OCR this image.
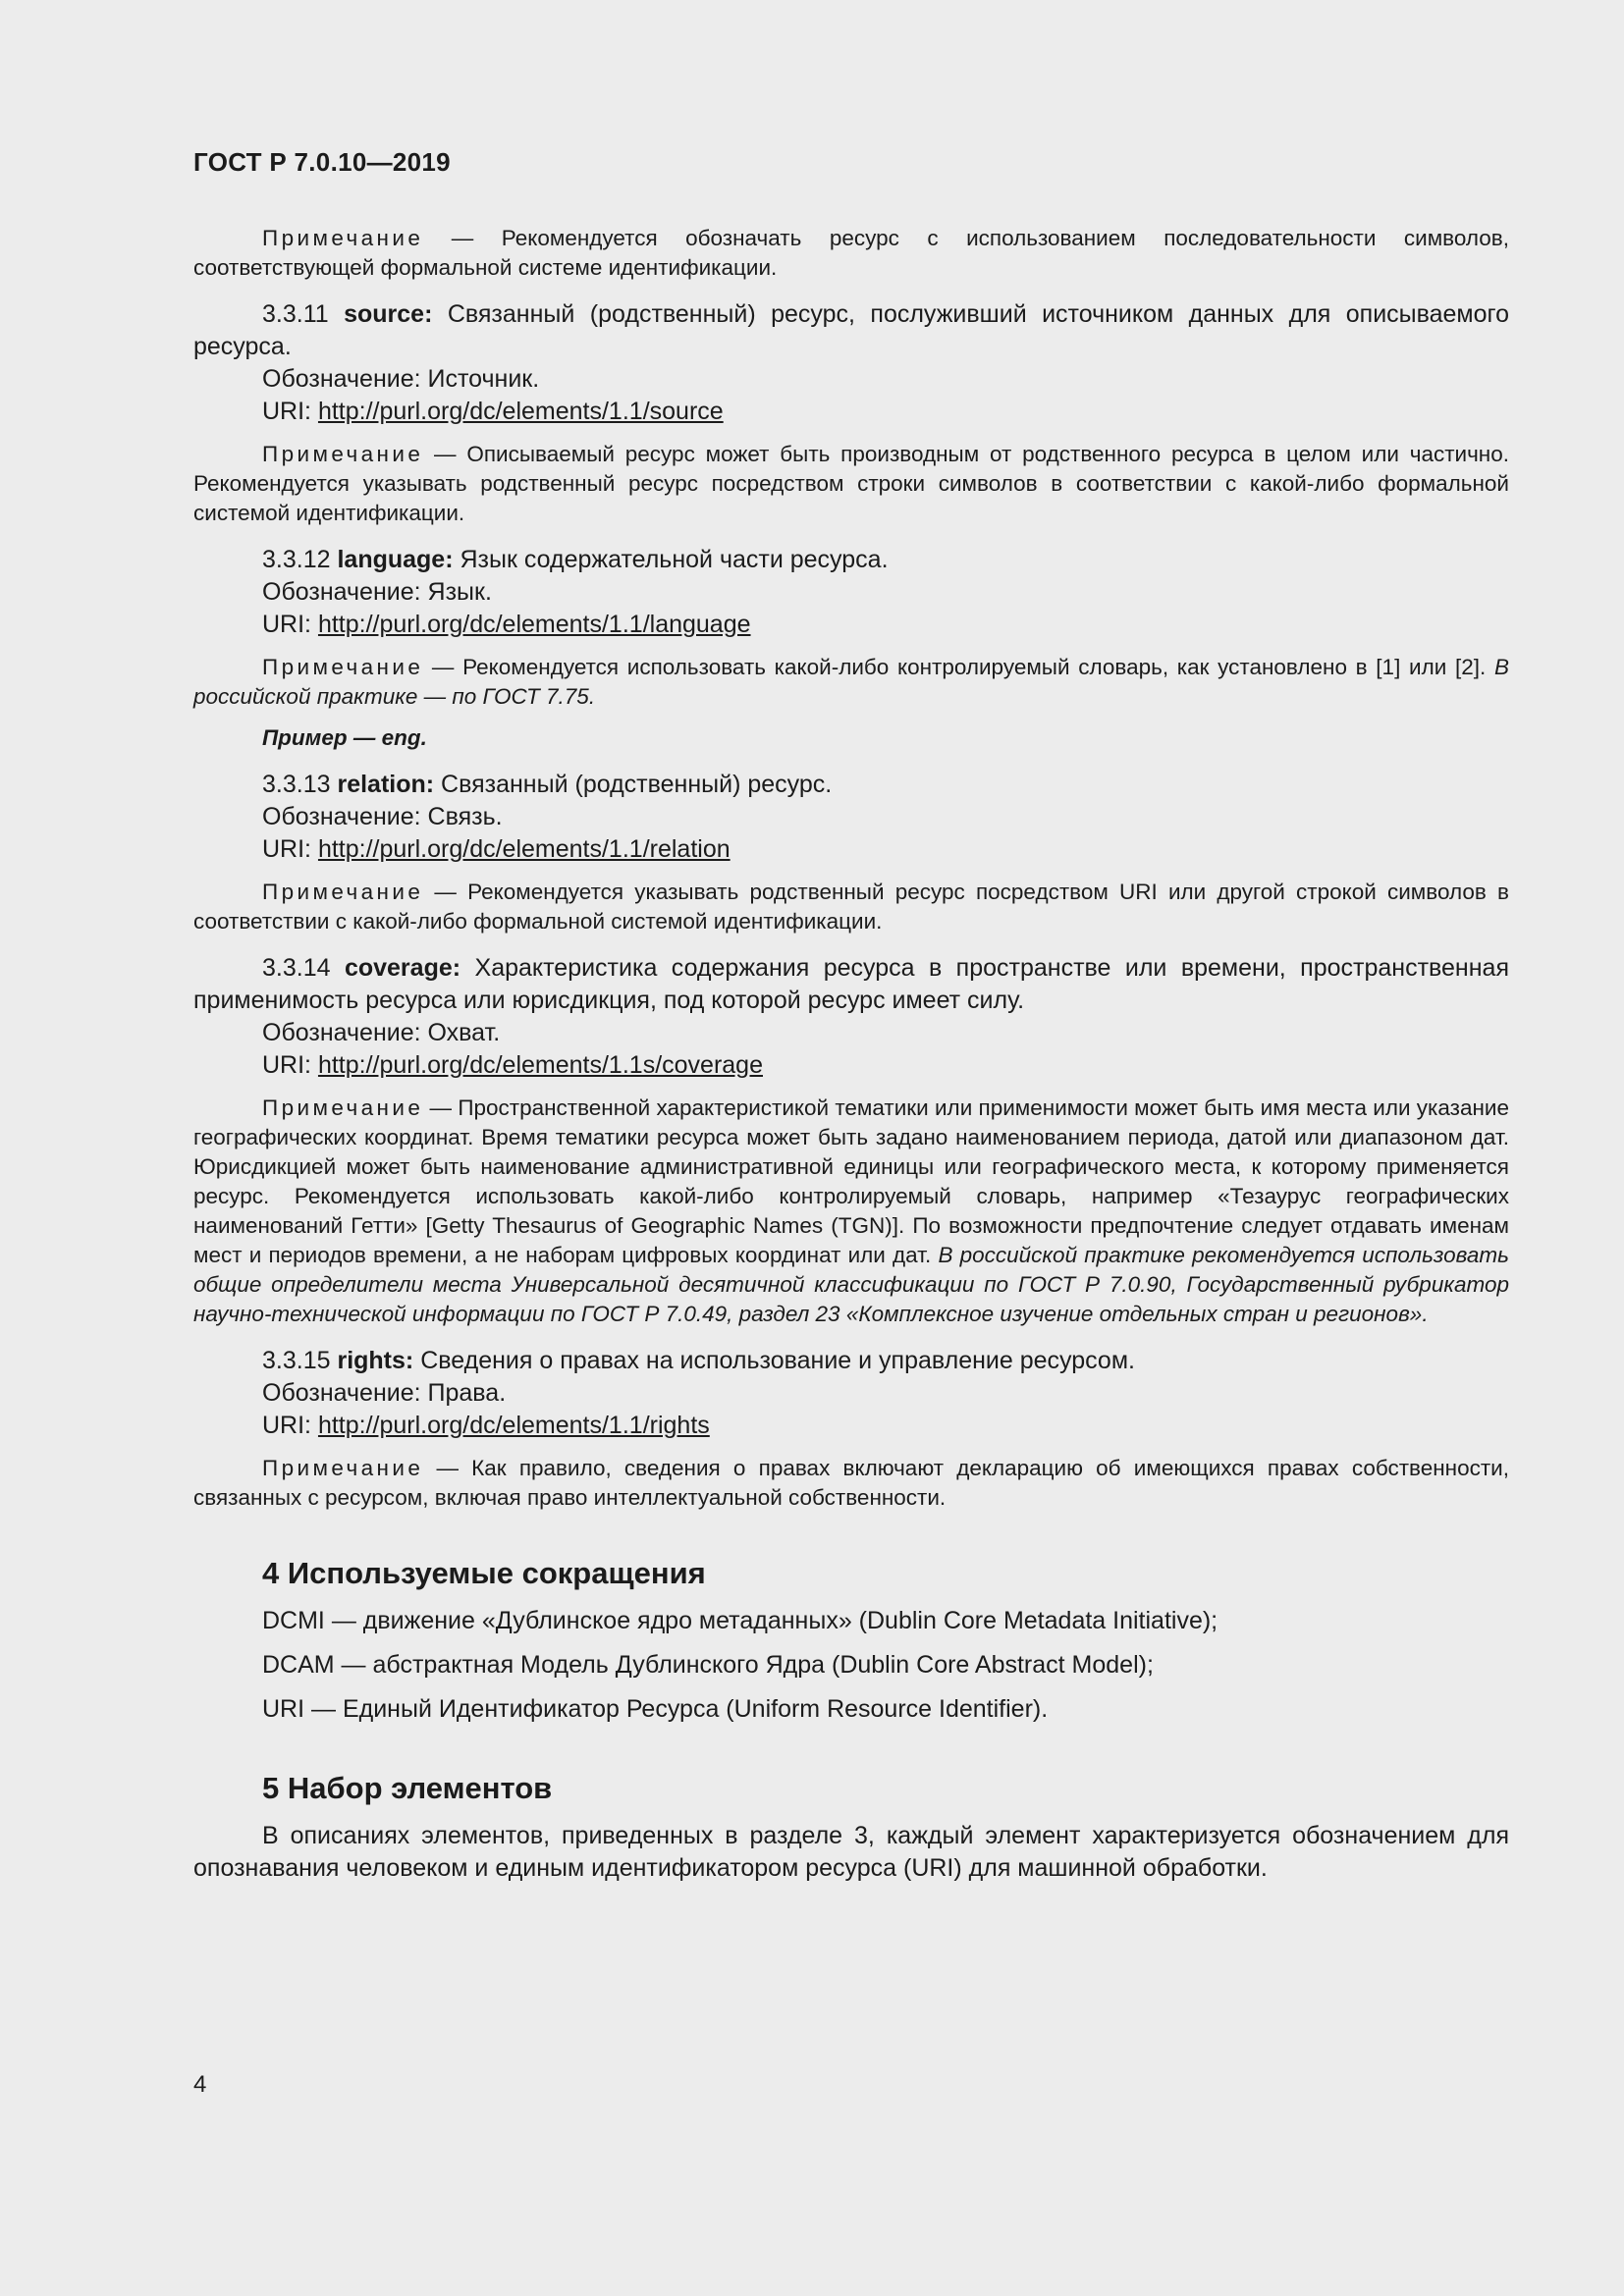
ГОСТ Р 7.0.10—2019

Примечание — Рекомендуется обозначать ресурс с использованием последовательности символов, соответствующей формальной системе идентификации.

3.3.11 source: Связанный (родственный) ресурс, послуживший источником данных для описываемого ресурса.

Обозначение: Источник.

URI: http://purl.org/dc/elements/1.1/source

Примечание — Описываемый ресурс может быть производным от родственного ресурса в целом или частично. Рекомендуется указывать родственный ресурс посредством строки символов в соответствии с какой-либо формальной системой идентификации.

3.3.12 language: Язык содержательной части ресурса.

Обозначение: Язык.

URI: http://purl.org/dc/elements/1.1/language

Примечание — Рекомендуется использовать какой-либо контролируемый словарь, как установлено в [1] или [2]. В российской практике — по ГОСТ 7.75.

Пример — eng.

3.3.13 relation: Связанный (родственный) ресурс.

Обозначение: Связь.

URI: http://purl.org/dc/elements/1.1/relation

Примечание — Рекомендуется указывать родственный ресурс посредством URI или другой строкой символов в соответствии с какой-либо формальной системой идентификации.

3.3.14 coverage: Характеристика содержания ресурса в пространстве или времени, пространственная применимость ресурса или юрисдикция, под которой ресурс имеет силу.

Обозначение: Охват.

URI: http://purl.org/dc/elements/1.1s/coverage

Примечание — Пространственной характеристикой тематики или применимости может быть имя места или указание географических координат. Время тематики ресурса может быть задано наименованием периода, датой или диапазоном дат. Юрисдикцией может быть наименование административной единицы или географического места, к которому применяется ресурс. Рекомендуется использовать какой-либо контролируемый словарь, например «Тезаурус географических наименований Гетти» [Getty Thesaurus of Geographic Names (TGN)]. По возможности предпочтение следует отдавать именам мест и периодов времени, а не наборам цифровых координат или дат. В российской практике рекомендуется использовать общие определители места Универсальной десятичной классификации по ГОСТ Р 7.0.90, Государственный рубрикатор научно-технической информации по ГОСТ Р 7.0.49, раздел 23 «Комплексное изучение отдельных стран и регионов».

3.3.15 rights: Сведения о правах на использование и управление ресурсом.

Обозначение: Права.

URI: http://purl.org/dc/elements/1.1/rights

Примечание — Как правило, сведения о правах включают декларацию об имеющихся правах собственности, связанных с ресурсом, включая право интеллектуальной собственности.

4 Используемые сокращения

DCMI — движение «Дублинское ядро метаданных» (Dublin Core Metadata Initiative);

DCAM — абстрактная Модель Дублинского Ядра (Dublin Core Abstract Model);

URI — Единый Идентификатор Ресурса (Uniform Resource Identifier).

5 Набор элементов

В описаниях элементов, приведенных в разделе 3, каждый элемент характеризуется обозначением для опознавания человеком и единым идентификатором ресурса (URI) для машинной обработки.

4
